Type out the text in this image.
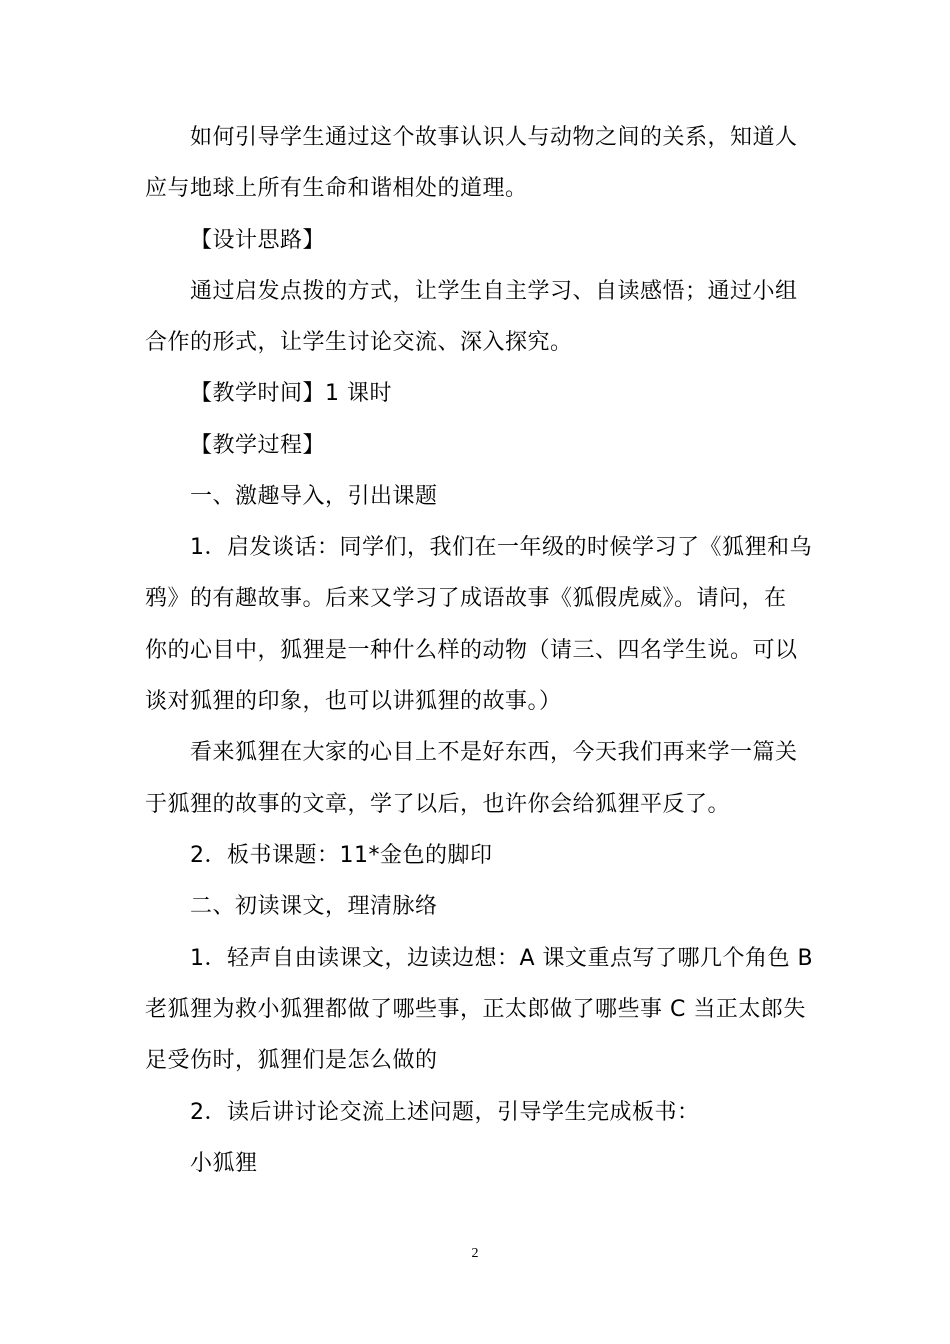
如何引导学生通过这个故事认识人与动物之间的关系，知道人
应与地球上所有生命和谐相处的道理。
【设计思路】
通过启发点拨的方式，让学生自主学习、自读感悟；通过小组
合作的形式，让学生讨论交流、深入探究。
【教学时间】1 课时
【教学过程】
一、激趣导入，引出课题
1．启发谈话：同学们，我们在一年级的时候学习了《狐狸和乌
鸦》的有趣故事。后来又学习了成语故事《狐假虎威》。请问，在
你的心目中，狐狸是一种什么样的动物（请三、四名学生说。可以
谈对狐狸的印象，也可以讲狐狸的故事。）
看来狐狸在大家的心目上不是好东西，今天我们再来学一篇关
于狐狸的故事的文章，学了以后，也许你会给狐狸平反了。
2．板书课题：11*金色的脚印
二、初读课文，理清脉络
1．轻声自由读课文，边读边想：A 课文重点写了哪几个角色 B
老狐狸为救小狐狸都做了哪些事，正太郎做了哪些事 C 当正太郎失
足受伤时，狐狸们是怎么做的
2．读后讲讨论交流上述问题，引导学生完成板书：
小狐狸
2
